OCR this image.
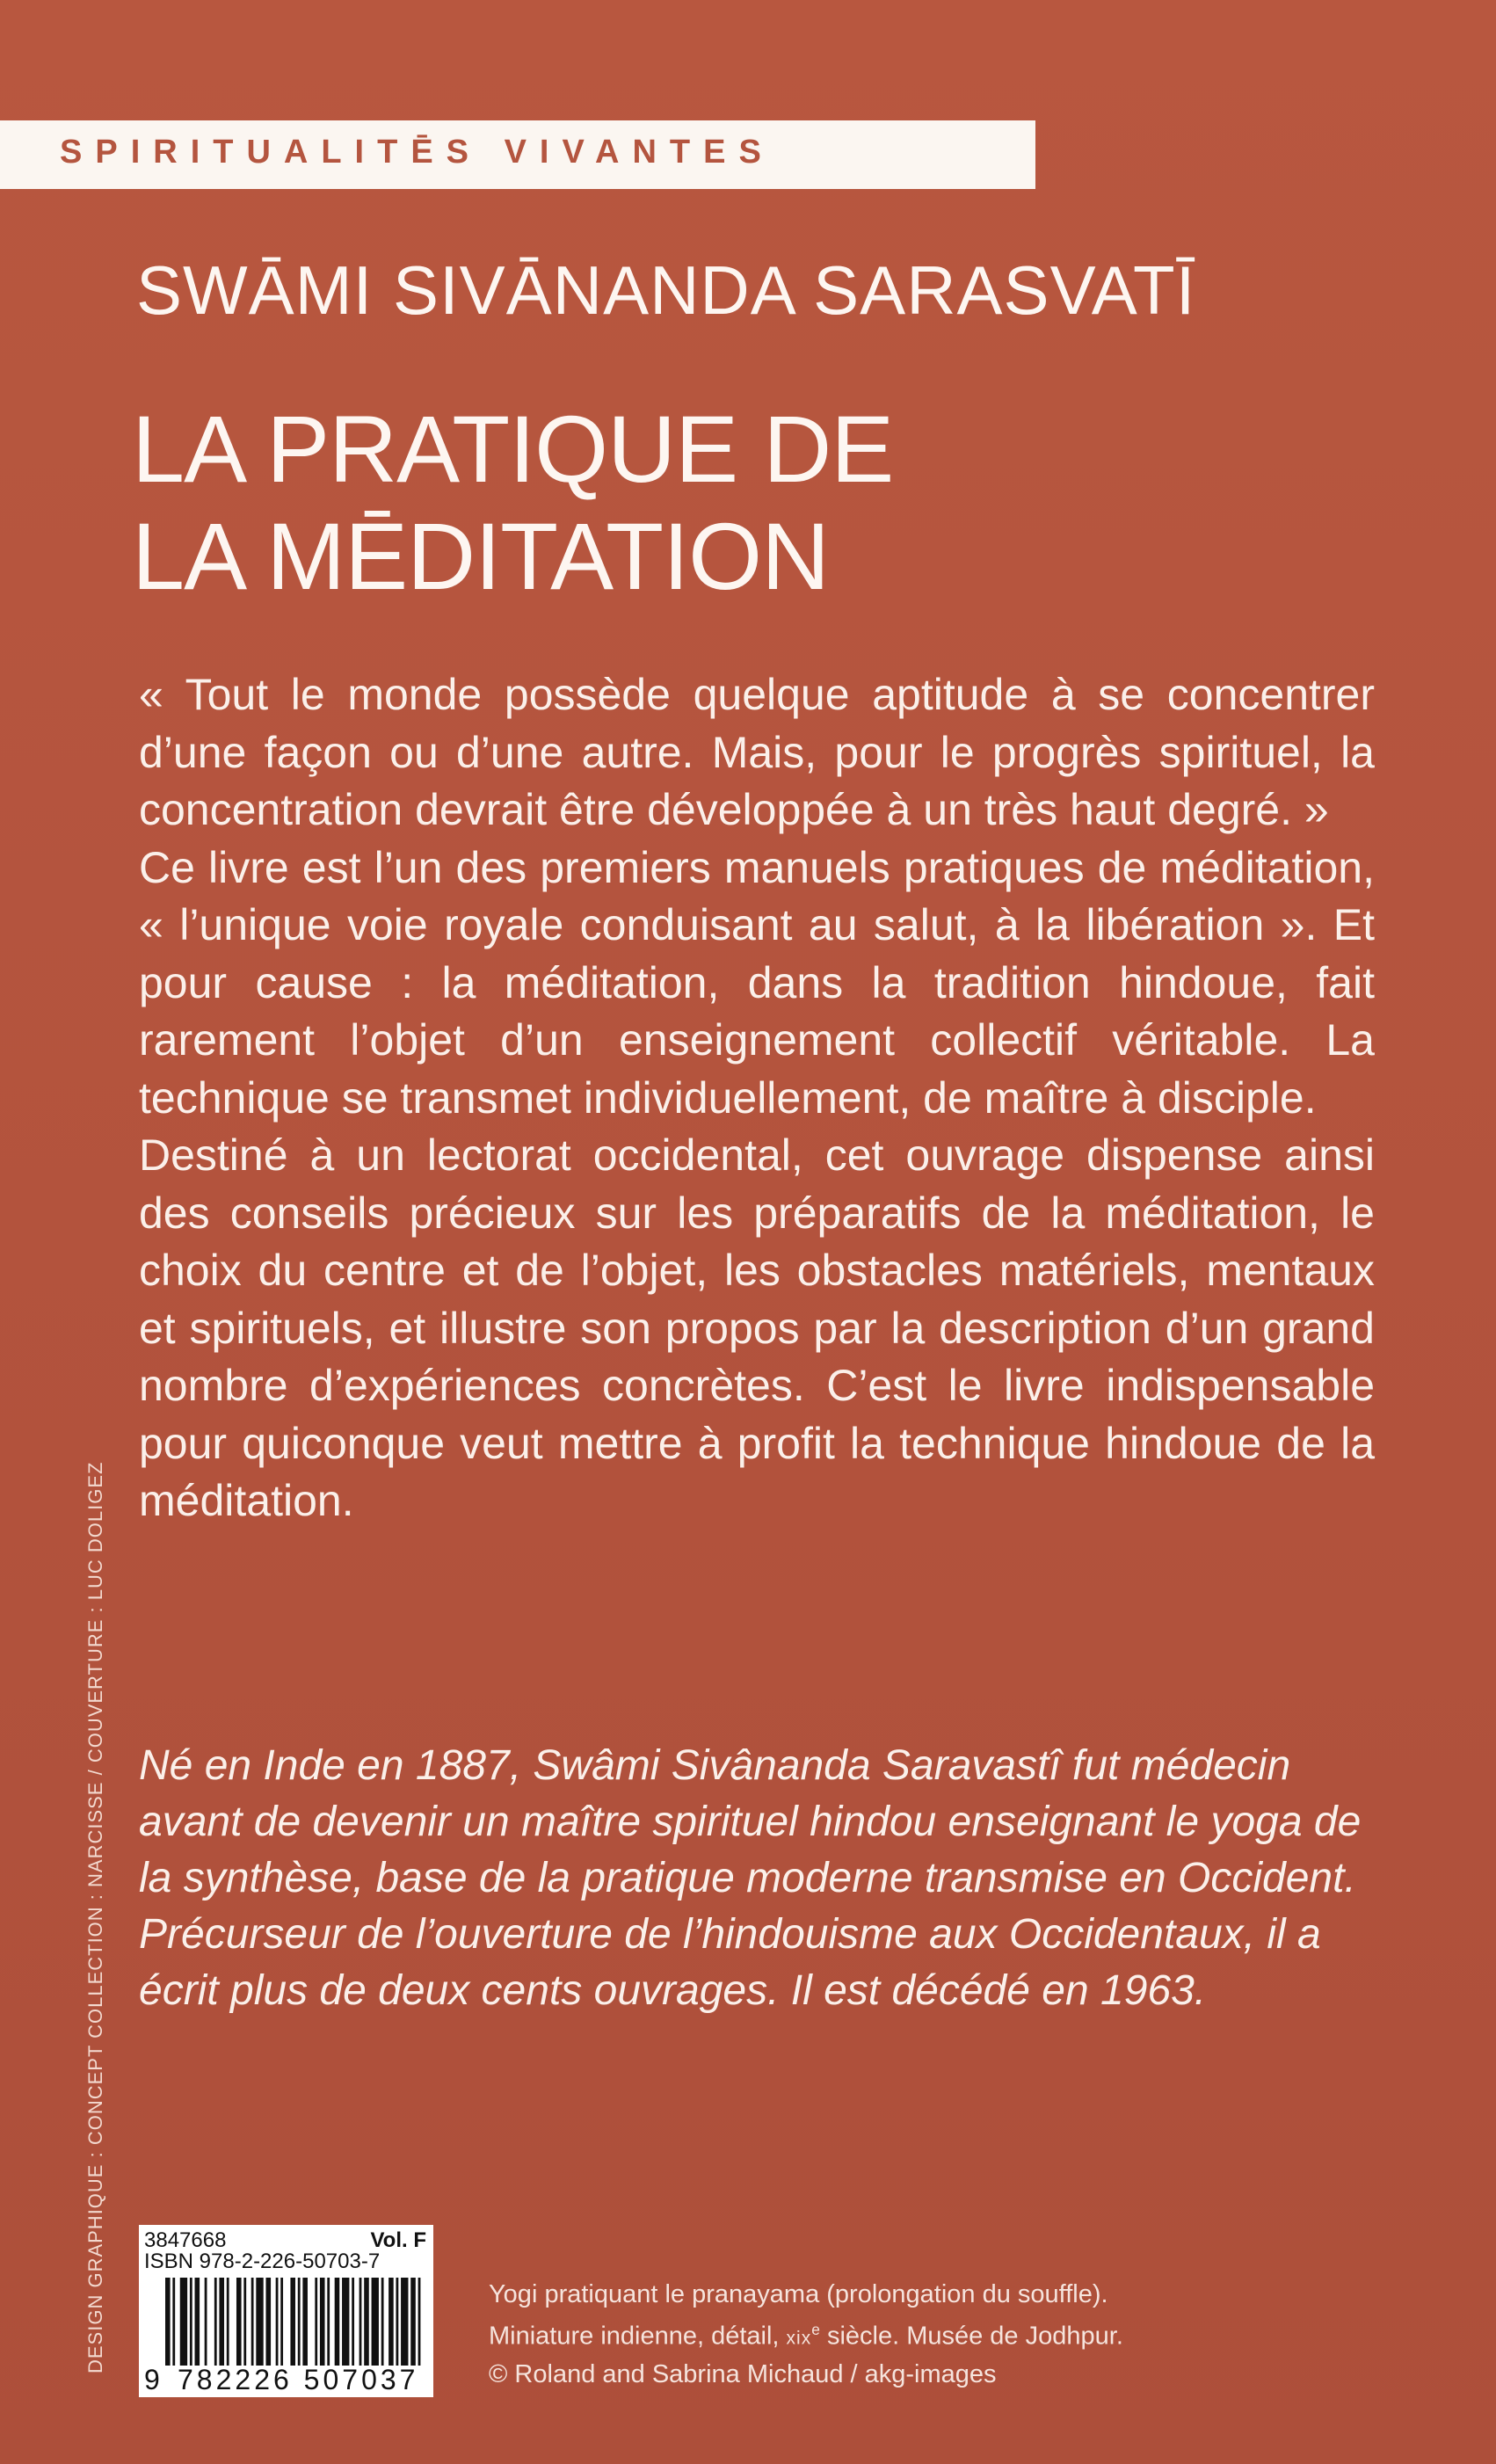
SPIRITUALITĒS VIVANTES
SWĀMI SIVĀNANDA SARASVATĪ
LA PRATIQUE DE
LA MĒDITATION

« Tout le monde possède quelque aptitude à se concentrer d’une façon ou d’une autre. Mais, pour le progrès spirituel, la concentration devrait être développée à un très haut degré. »

Ce livre est l’un des premiers manuels pratiques de méditation, « l’unique voie royale conduisant au salut, à la libération ». Et pour cause : la méditation, dans la tradition hindoue, fait rarement l’objet d’un enseignement collectif véritable. La technique se transmet individuellement, de maître à disciple.

Destiné à un lectorat occidental, cet ouvrage dispense ainsi des conseils précieux sur les préparatifs de la méditation, le choix du centre et de l’objet, les obstacles matériels, mentaux et spirituels, et illustre son propos par la description d’un grand nombre d’expériences concrètes. C’est le livre indispensable pour quiconque veut mettre à profit la technique hindoue de la méditation.

Né en Inde en 1887, Swâmi Sivânanda Saravastî fut médecin avant de devenir un maître spirituel hindou enseignant le yoga de la synthèse, base de la pratique moderne transmise en Occident. Précurseur de l’ouverture de l’hindouisme aux Occidentaux, il a écrit plus de deux cents ouvrages. Il est décédé en 1963.
DESIGN GRAPHIQUE : CONCEPT COLLECTION : NARCISSE / COUVERTURE : LUC DOLIGEZ 3847668	Vol. F
ISBN 978-2-226-50703-7
9 782226 507037
Yogi pratiquant le pranayama (prolongation du souffle).
Miniature indienne, détail, xix$^e$ siècle. Musée de Jodhpur.
© Roland and Sabrina Michaud / akg-images
